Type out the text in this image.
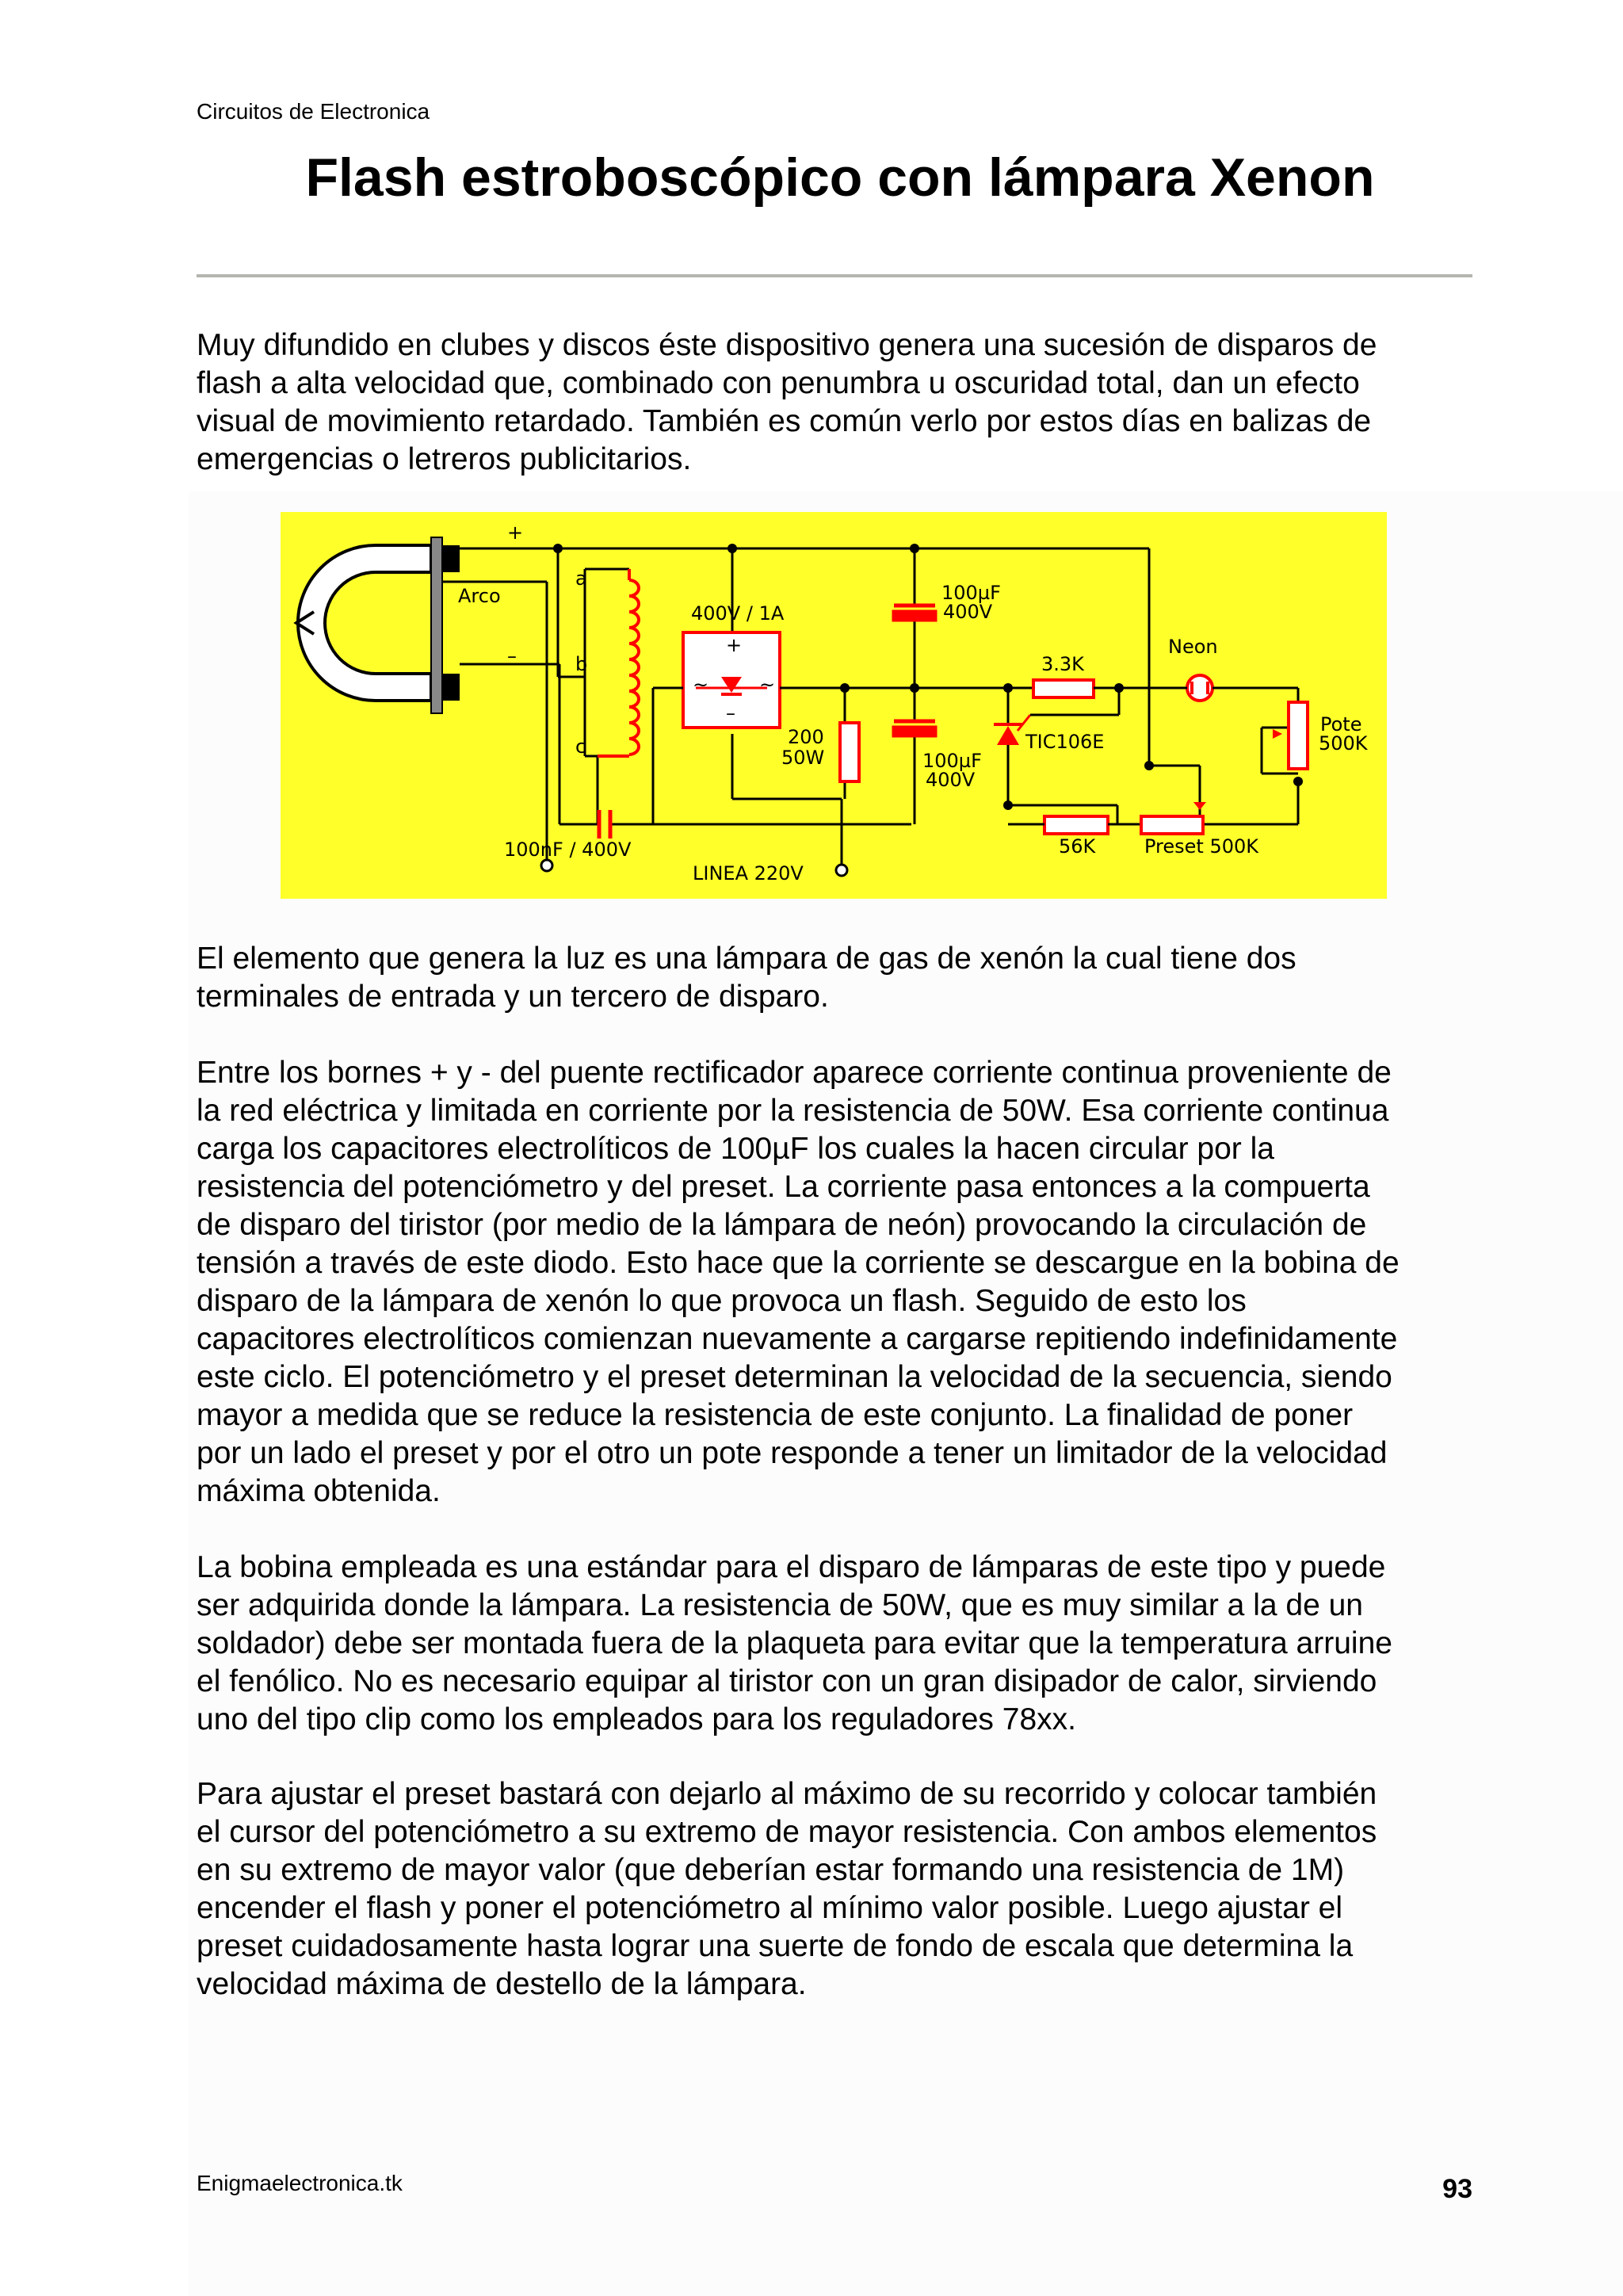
Circuitos de Electronica
Flash estroboscópico con lámpara Xenon

Muy difundido en clubes y discos éste dispositivo genera una sucesión de disparos de
flash a alta velocidad que, combinado con penumbra u oscuridad total, dan un efecto
visual de movimiento retardado. También es común verlo por estos días en balizas de
emergencias o letreros publicitarios.

+
–
Arco
a
b
c
400V / 1A
+
–
~	~
100µF
400V
100µF
400V
200
50W
3.3K
Neon
TIC106E
Pote
500K
56K	Preset 500K
100nF / 400V
LINEA 220V

El elemento que genera la luz es una lámpara de gas de xenón la cual tiene dos
terminales de entrada y un tercero de disparo.

Entre los bornes + y - del puente rectificador aparece corriente continua proveniente de
la red eléctrica y limitada en corriente por la resistencia de 50W. Esa corriente continua
carga los capacitores electrolíticos de 100µF los cuales la hacen circular por la
resistencia del potenciómetro y del preset. La corriente pasa entonces a la compuerta
de disparo del tiristor (por medio de la lámpara de neón) provocando la circulación de
tensión a través de este diodo. Esto hace que la corriente se descargue en la bobina de
disparo de la lámpara de xenón lo que provoca un flash. Seguido de esto los
capacitores electrolíticos comienzan nuevamente a cargarse repitiendo indefinidamente
este ciclo. El potenciómetro y el preset determinan la velocidad de la secuencia, siendo
mayor a medida que se reduce la resistencia de este conjunto. La finalidad de poner
por un lado el preset y por el otro un pote responde a tener un limitador de la velocidad
máxima obtenida.

La bobina empleada es una estándar para el disparo de lámparas de este tipo y puede
ser adquirida donde la lámpara. La resistencia de 50W, que es muy similar a la de un
soldador) debe ser montada fuera de la plaqueta para evitar que la temperatura arruine
el fenólico. No es necesario equipar al tiristor con un gran disipador de calor, sirviendo
uno del tipo clip como los empleados para los reguladores 78xx.

Para ajustar el preset bastará con dejarlo al máximo de su recorrido y colocar también
el cursor del potenciómetro a su extremo de mayor resistencia. Con ambos elementos
en su extremo de mayor valor (que deberían estar formando una resistencia de 1M)
encender el flash y poner el potenciómetro al mínimo valor posible. Luego ajustar el
preset cuidadosamente hasta lograr una suerte de fondo de escala que determina la
velocidad máxima de destello de la lámpara.

Enigmaelectronica.tk	93
